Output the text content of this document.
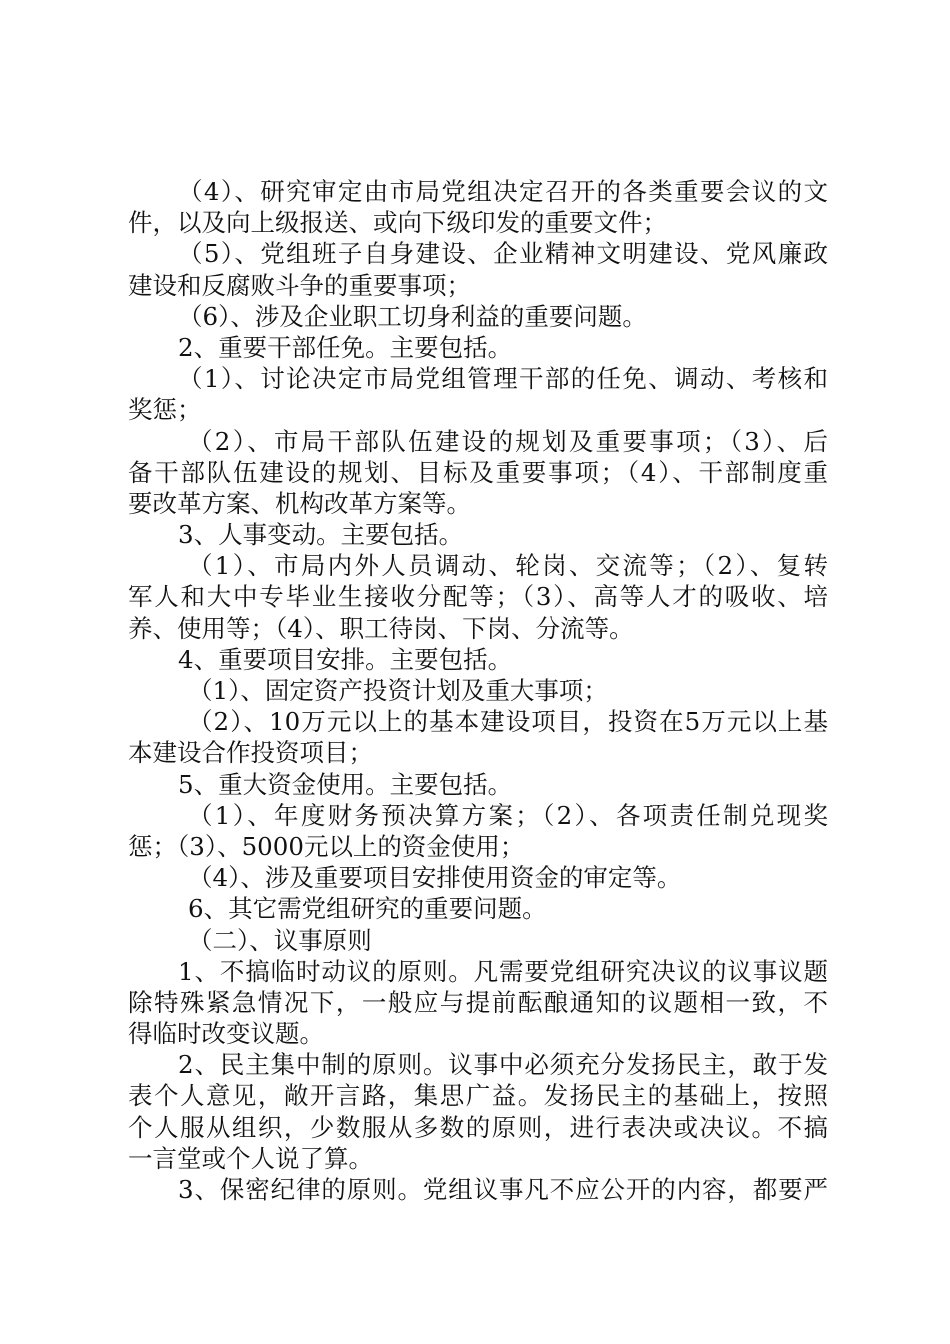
（4）、研究审定由市局党组决定召开的各类重要会议的文
件，以及向上级报送、或向下级印发的重要文件；
（5）、党组班子自身建设、企业精神文明建设、党风廉政
建设和反腐败斗争的重要事项；
（6）、涉及企业职工切身利益的重要问题。
2、重要干部任免。主要包括。
（1）、讨论决定市局党组管理干部的任免、调动、考核和
奖惩；
（2）、市局干部队伍建设的规划及重要事项；（3）、后
备干部队伍建设的规划、目标及重要事项；（4）、干部制度重
要改革方案、机构改革方案等。
3、人事变动。主要包括。
（1）、市局内外人员调动、轮岗、交流等；（2）、复转
军人和大中专毕业生接收分配等；（3）、高等人才的吸收、培
养、使用等；（4）、职工待岗、下岗、分流等。
4、重要项目安排。主要包括。
（1）、固定资产投资计划及重大事项；
（2）、10万元以上的基本建设项目，投资在5万元以上基
本建设合作投资项目；
5、重大资金使用。主要包括。
（1）、年度财务预决算方案；（2）、各项责任制兑现奖
惩；（3）、5000元以上的资金使用；
（4）、涉及重要项目安排使用资金的审定等。
6、其它需党组研究的重要问题。
（二）、议事原则
1、不搞临时动议的原则。凡需要党组研究决议的议事议题
除特殊紧急情况下，一般应与提前酝酿通知的议题相一致，不
得临时改变议题。
2、民主集中制的原则。议事中必须充分发扬民主，敢于发
表个人意见，敞开言路，集思广益。发扬民主的基础上，按照
个人服从组织，少数服从多数的原则，进行表决或决议。不搞
一言堂或个人说了算。
3、保密纪律的原则。党组议事凡不应公开的内容，都要严
